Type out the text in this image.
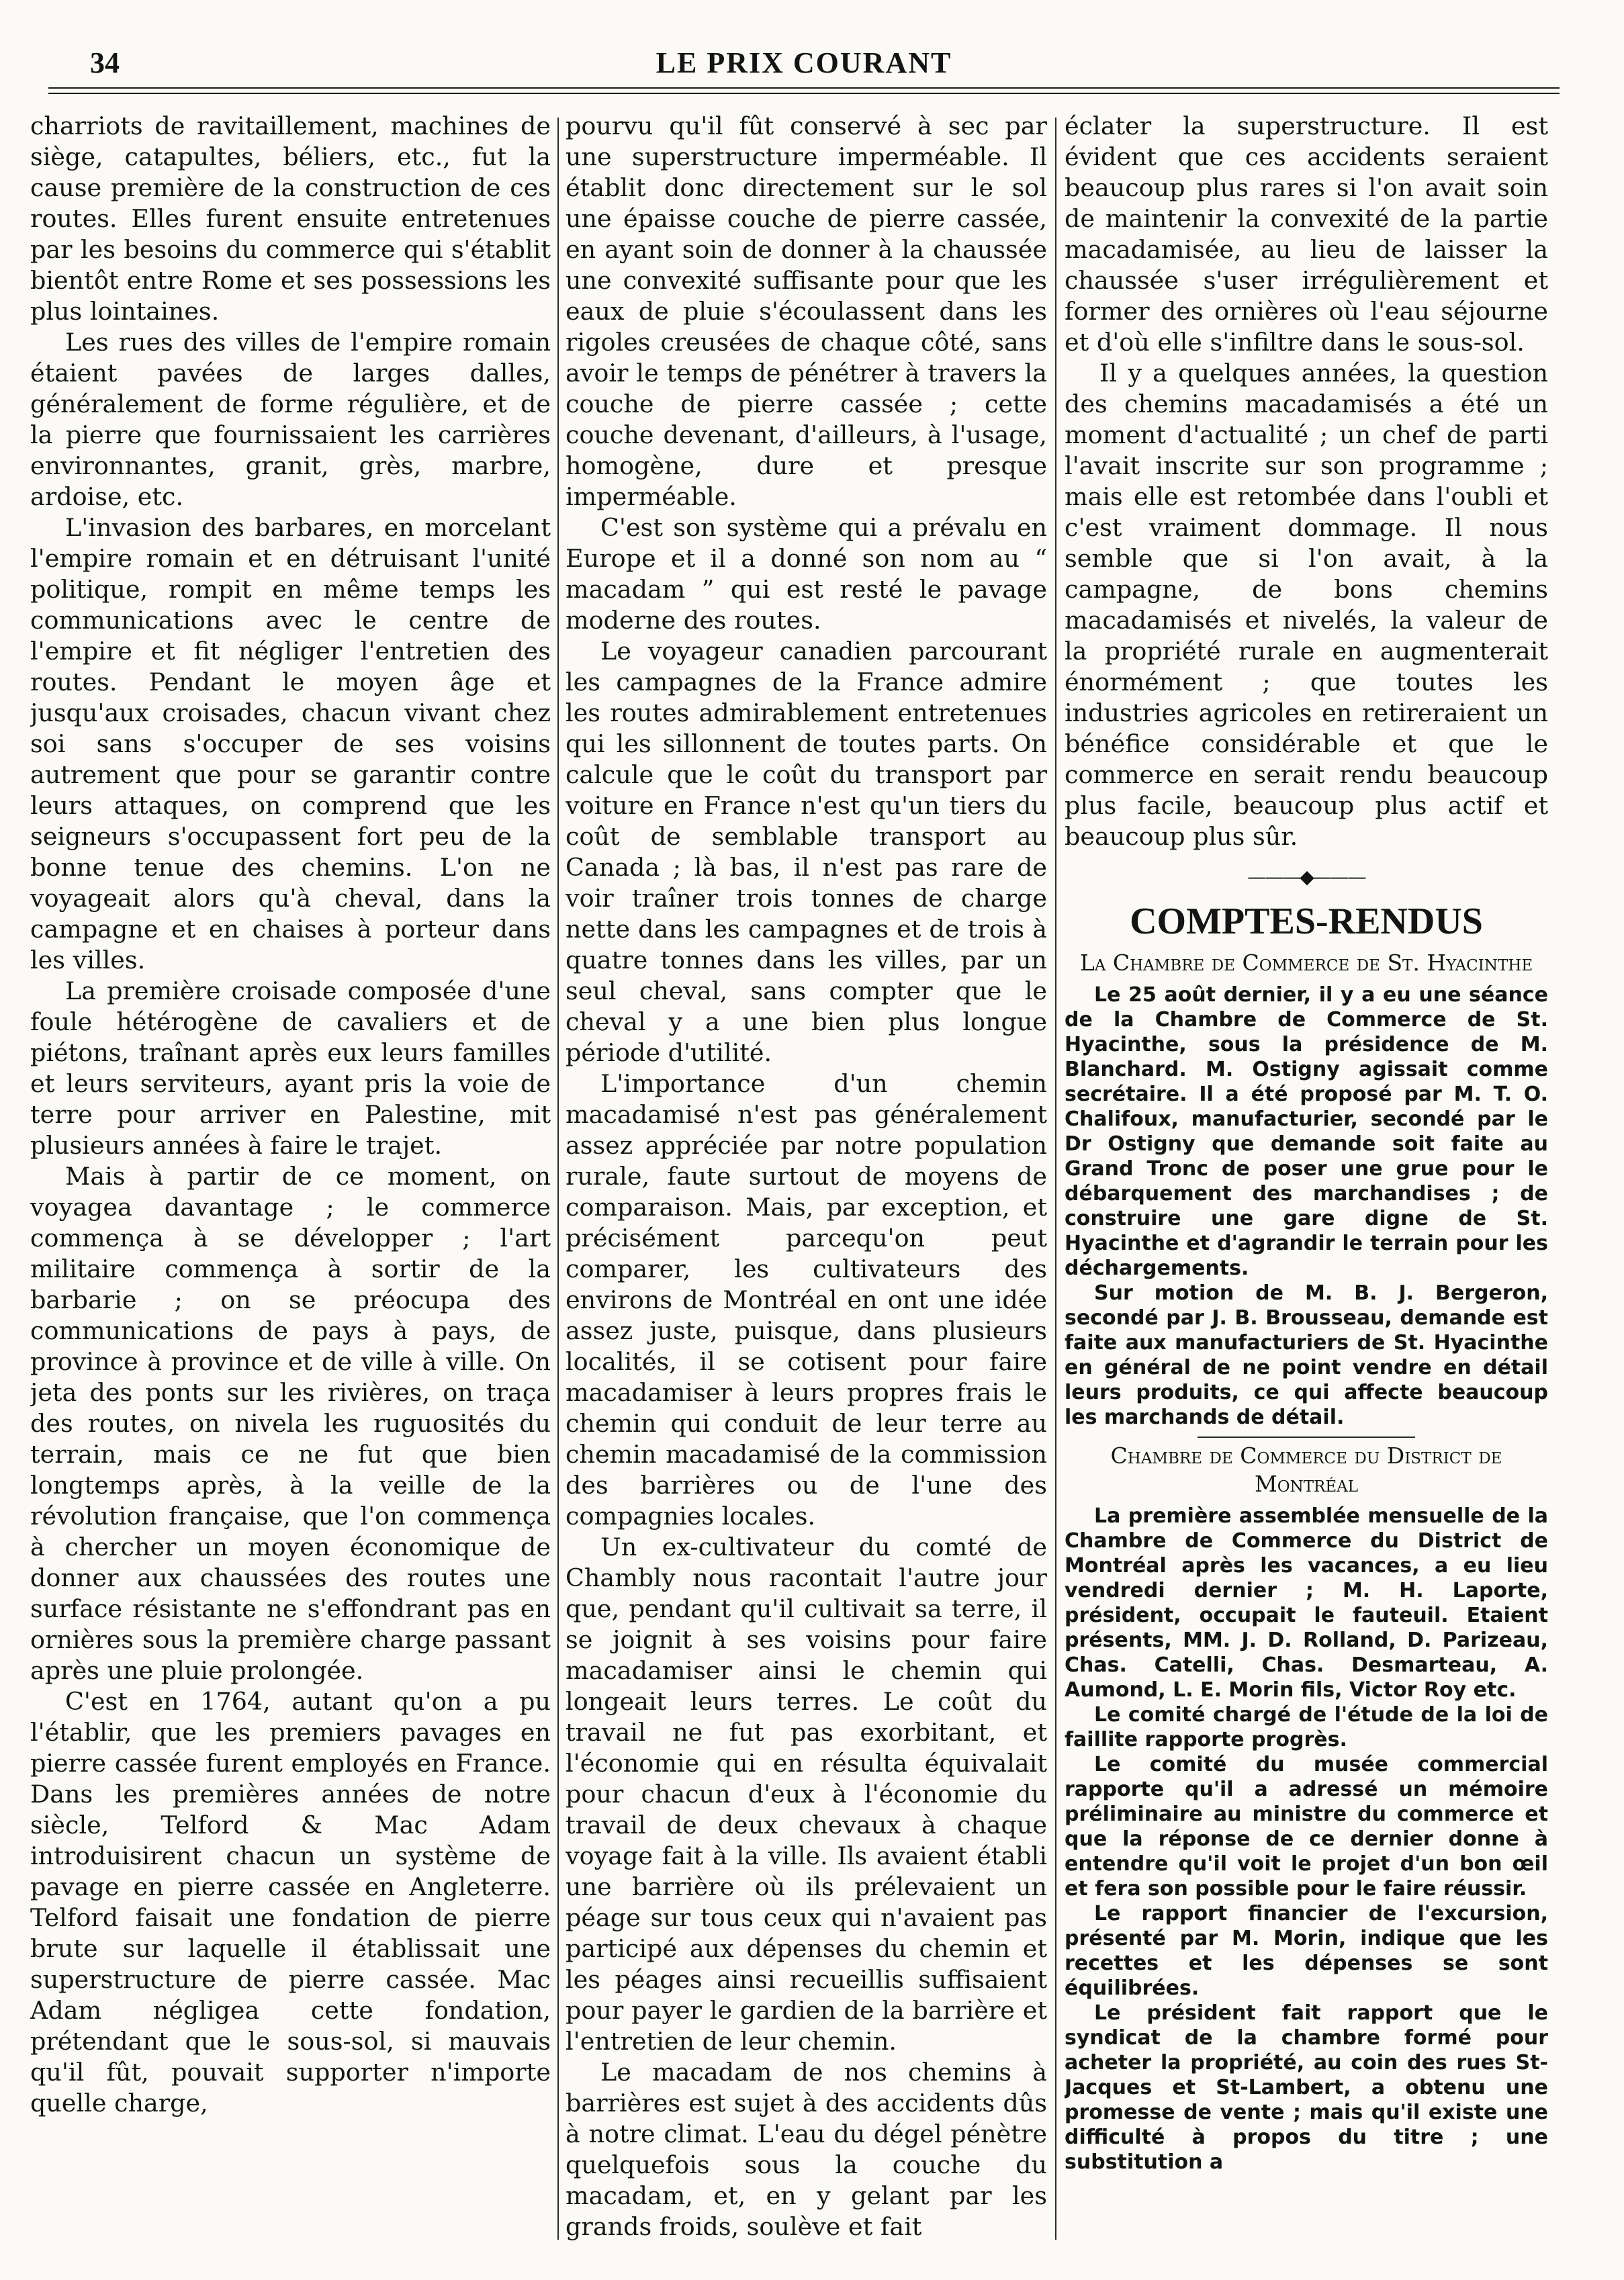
34	LE PRIX COURANT

charriots de ravitaillement, machines de siège, catapultes, béliers, etc., fut la cause première de la construction de ces routes. Elles furent ensuite entretenues par les besoins du commerce qui s'établit bientôt entre Rome et ses possessions les plus lointaines.

Les rues des villes de l'empire romain étaient pavées de larges dalles, généralement de forme régulière, et de la pierre que fournissaient les carrières environnantes, granit, grès, marbre, ardoise, etc.

L'invasion des barbares, en morcelant l'empire romain et en détruisant l'unité politique, rompit en même temps les communications avec le centre de l'empire et fit négliger l'entretien des routes. Pendant le moyen âge et jusqu'aux croisades, chacun vivant chez soi sans s'occuper de ses voisins autrement que pour se garantir contre leurs attaques, on comprend que les seigneurs s'occupassent fort peu de la bonne tenue des chemins. L'on ne voyageait alors qu'à cheval, dans la campagne et en chaises à porteur dans les villes.

La première croisade composée d'une foule hétérogène de cavaliers et de piétons, traînant après eux leurs familles et leurs serviteurs, ayant pris la voie de terre pour arriver en Palestine, mit plusieurs années à faire le trajet.

Mais à partir de ce moment, on voyagea davantage ; le commerce commença à se développer ; l'art militaire commença à sortir de la barbarie ; on se préocupa des communications de pays à pays, de province à province et de ville à ville. On jeta des ponts sur les rivières, on traça des routes, on nivela les ruguosités du terrain, mais ce ne fut que bien longtemps après, à la veille de la révolution française, que l'on commença à chercher un moyen économique de donner aux chaussées des routes une surface résistante ne s'effondrant pas en ornières sous la première charge passant après une pluie prolongée.

C'est en 1764, autant qu'on a pu l'établir, que les premiers pavages en pierre cassée furent employés en France. Dans les premières années de notre siècle, Telford & Mac Adam introduisirent chacun un système de pavage en pierre cassée en Angleterre. Telford faisait une fondation de pierre brute sur laquelle il établissait une superstructure de pierre cassée. Mac Adam négligea cette fondation, prétendant que le sous-sol, si mauvais qu'il fût, pouvait supporter n'importe quelle charge,

pourvu qu'il fût conservé à sec par une superstructure imperméable. Il établit donc directement sur le sol une épaisse couche de pierre cassée, en ayant soin de donner à la chaussée une convexité suffisante pour que les eaux de pluie s'écoulassent dans les rigoles creusées de chaque côté, sans avoir le temps de pénétrer à travers la couche de pierre cassée ; cette couche devenant, d'ailleurs, à l'usage, homogène, dure et presque imperméable.

C'est son système qui a prévalu en Europe et il a donné son nom au “ macadam ” qui est resté le pavage moderne des routes.

Le voyageur canadien parcourant les campagnes de la France admire les routes admirablement entretenues qui les sillonnent de toutes parts. On calcule que le coût du transport par voiture en France n'est qu'un tiers du coût de semblable transport au Canada ; là bas, il n'est pas rare de voir traîner trois tonnes de charge nette dans les campagnes et de trois à quatre tonnes dans les villes, par un seul cheval, sans compter que le cheval y a une bien plus longue période d'utilité.

L'importance d'un chemin macadamisé n'est pas généralement assez appréciée par notre population rurale, faute surtout de moyens de comparaison. Mais, par exception, et précisément parcequ'on peut comparer, les cultivateurs des environs de Montréal en ont une idée assez juste, puisque, dans plusieurs localités, il se cotisent pour faire macadamiser à leurs propres frais le chemin qui conduit de leur terre au chemin macadamisé de la commission des barrières ou de l'une des compagnies locales.

Un ex-cultivateur du comté de Chambly nous racontait l'autre jour que, pendant qu'il cultivait sa terre, il se joignit à ses voisins pour faire macadamiser ainsi le chemin qui longeait leurs terres. Le coût du travail ne fut pas exorbitant, et l'économie qui en résulta équivalait pour chacun d'eux à l'économie du travail de deux chevaux à chaque voyage fait à la ville. Ils avaient établi une barrière où ils prélevaient un péage sur tous ceux qui n'avaient pas participé aux dépenses du chemin et les péages ainsi recueillis suffisaient pour payer le gardien de la barrière et l'entretien de leur chemin.

Le macadam de nos chemins à barrières est sujet à des accidents dûs à notre climat. L'eau du dégel pénètre quelquefois sous la couche du macadam, et, en y gelant par les grands froids, soulève et fait

éclater la superstructure. Il est évident que ces accidents seraient beaucoup plus rares si l'on avait soin de maintenir la convexité de la partie macadamisée, au lieu de laisser la chaussée s'user irrégulièrement et former des ornières où l'eau séjourne et d'où elle s'infiltre dans le sous-sol.

Il y a quelques années, la question des chemins macadamisés a été un moment d'actualité ; un chef de parti l'avait inscrite sur son programme ; mais elle est retombée dans l'oubli et c'est vraiment dommage. Il nous semble que si l'on avait, à la campagne, de bons chemins macadamisés et nivelés, la valeur de la propriété rurale en augmenterait énormément ; que toutes les industries agricoles en retireraient un bénéfice considérable et que le commerce en serait rendu beaucoup plus facile, beaucoup plus actif et beaucoup plus sûr.

———◆———
COMPTES-RENDUS
La Chambre de Commerce de St. Hyacinthe

Le 25 août dernier, il y a eu une séance de la Chambre de Commerce de St. Hyacinthe, sous la présidence de M. Blanchard. M. Ostigny agissait comme secrétaire. Il a été proposé par M. T. O. Chalifoux, manufacturier, secondé par le Dr Ostigny que demande soit faite au Grand Tronc de poser une grue pour le débarquement des marchandises ; de construire une gare digne de St. Hyacinthe et d'agrandir le terrain pour les déchargements.

Sur motion de M. B. J. Bergeron, secondé par J. B. Brousseau, demande est faite aux manufacturiers de St. Hyacinthe en général de ne point vendre en détail leurs produits, ce qui affecte beaucoup les marchands de détail.

Chambre de Commerce du District de Montréal

La première assemblée mensuelle de la Chambre de Commerce du District de Montréal après les vacances, a eu lieu vendredi dernier ; M. H. Laporte, président, occupait le fauteuil. Etaient présents, MM. J. D. Rolland, D. Parizeau, Chas. Catelli, Chas. Desmarteau, A. Aumond, L. E. Morin fils, Victor Roy etc.

Le comité chargé de l'étude de la loi de faillite rapporte progrès.

Le comité du musée commercial rapporte qu'il a adressé un mémoire préliminaire au ministre du commerce et que la réponse de ce dernier donne à entendre qu'il voit le projet d'un bon œil et fera son possible pour le faire réussir.

Le rapport financier de l'excursion, présenté par M. Morin, indique que les recettes et les dépenses se sont équilibrées.

Le président fait rapport que le syndicat de la chambre formé pour acheter la propriété, au coin des rues St-Jacques et St-Lambert, a obtenu une promesse de vente ; mais qu'il existe une difficulté à propos du titre ; une substitution a
